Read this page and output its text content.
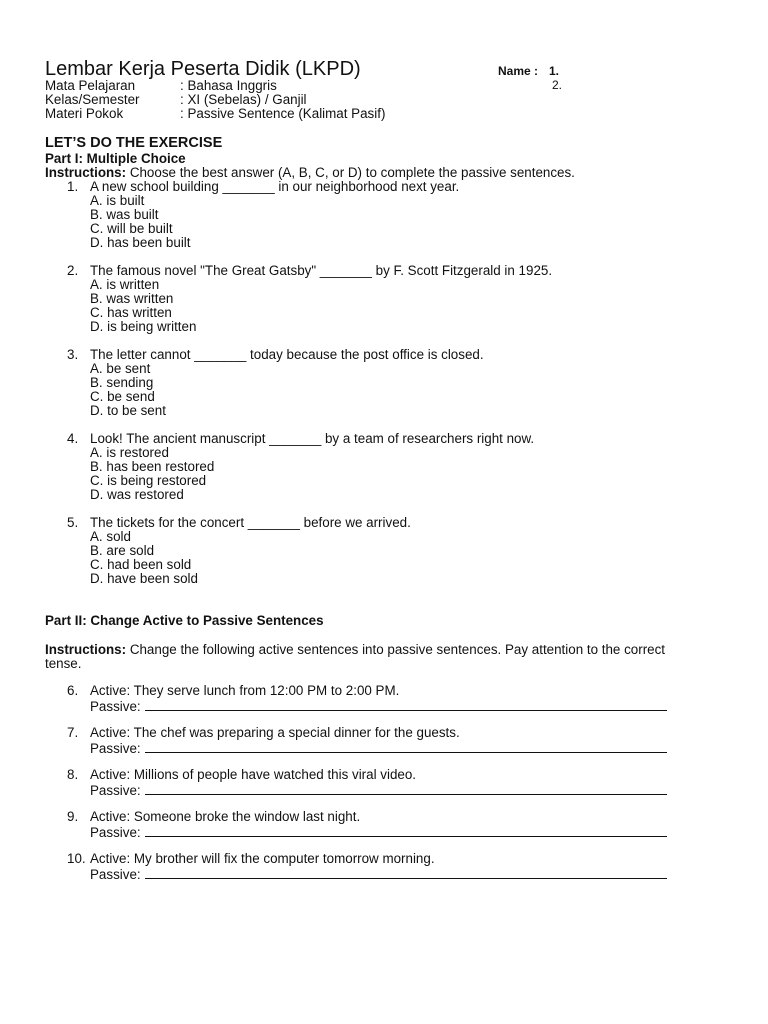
Lembar Kerja Peserta Didik (LKPD)	Name : 1.
2.
Mata Pelajaran	: Bahasa Inggris
Kelas/Semester	: XI (Sebelas) / Ganjil
Materi Pokok	: Passive Sentence (Kalimat Pasif)
LET’S DO THE EXERCISE
Part I: Multiple Choice
Instructions: Choose the best answer (A, B, C, or D) to complete the passive sentences.
1. A new school building _______ in our neighborhood next year.
A. is built
B. was built
C. will be built
D. has been built
2. The famous novel "The Great Gatsby" _______ by F. Scott Fitzgerald in 1925.
A. is written
B. was written
C. has written
D. is being written
3. The letter cannot _______ today because the post office is closed.
A. be sent
B. sending
C. be send
D. to be sent
4. Look! The ancient manuscript _______ by a team of researchers right now.
A. is restored
B. has been restored
C. is being restored
D. was restored
5. The tickets for the concert _______ before we arrived.
A. sold
B. are sold
C. had been sold
D. have been sold
Part II: Change Active to Passive Sentences
Instructions: Change the following active sentences into passive sentences. Pay attention to the correct tense.
6. Active: They serve lunch from 12:00 PM to 2:00 PM.
Passive:
7. Active: The chef was preparing a special dinner for the guests.
Passive:
8. Active: Millions of people have watched this viral video.
Passive:
9. Active: Someone broke the window last night.
Passive:
10. Active: My brother will fix the computer tomorrow morning.
Passive:
